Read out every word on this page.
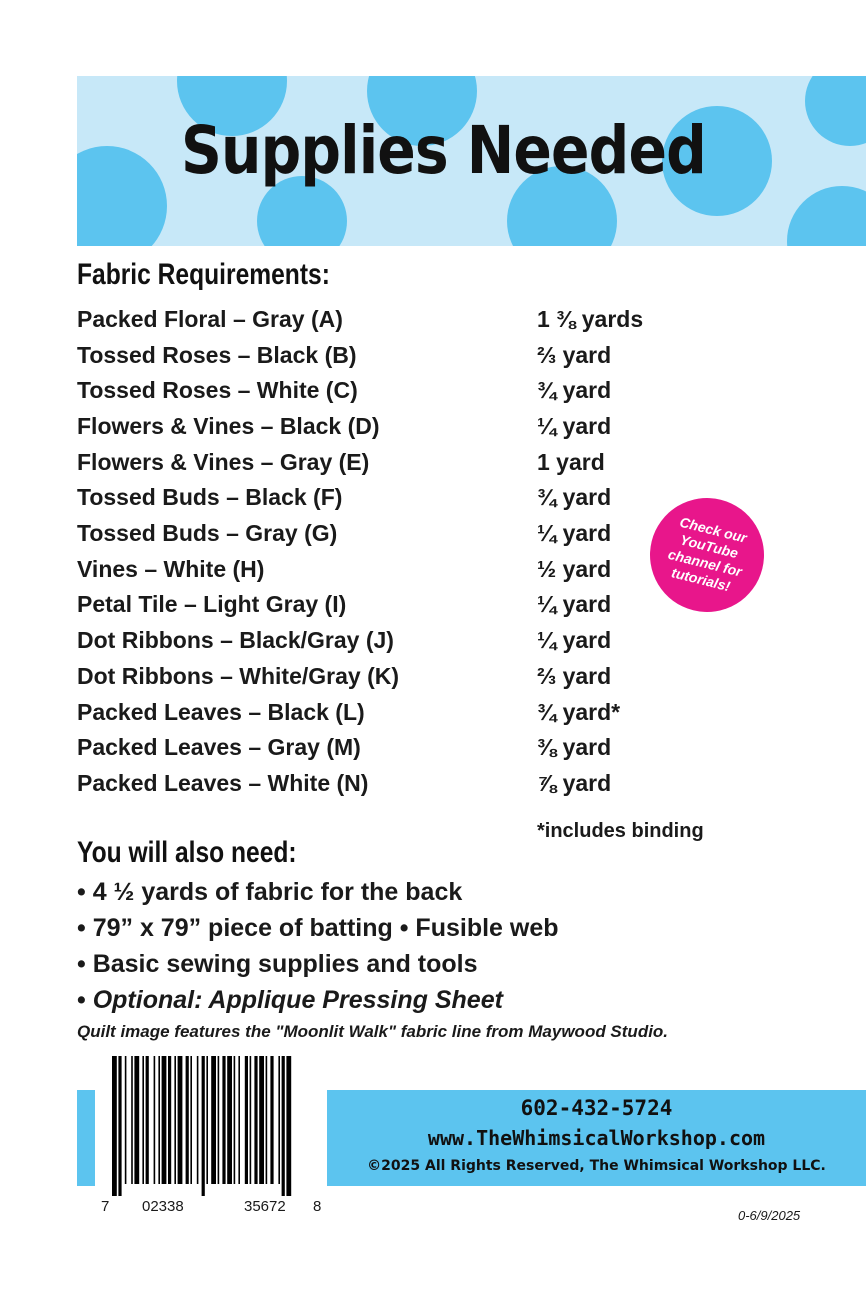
Supplies Needed
Fabric Requirements:
Packed Floral – Gray (A)	1 ⅜ yards
Tossed Roses – Black (B)	⅔ yard
Tossed Roses – White (C)	¾ yard
Flowers & Vines – Black (D)	¼ yard
Flowers & Vines – Gray (E)	1 yard
Tossed Buds – Black (F)	¾ yard
Tossed Buds – Gray (G)	¼ yard
Vines – White (H)	½ yard
Petal Tile – Light Gray (I)	¼ yard
Dot Ribbons – Black/Gray (J)	¼ yard
Dot Ribbons – White/Gray (K)	⅔ yard
Packed Leaves – Black (L)	¾ yard*
Packed Leaves – Gray (M)	⅜ yard
Packed Leaves – White (N)	⅞ yard
*includes binding
Check our YouTube channel for tutorials!
You will also need:
• 4 ½ yards of fabric for the back
• 79” x 79” piece of batting • Fusible web
• Basic sewing supplies and tools
• Optional: Applique Pressing Sheet
Quilt image features the "Moonlit Walk" fabric line from Maywood Studio.
602-432-5724
www.TheWhimsicalWorkshop.com
©2025 All Rights Reserved, The Whimsical Workshop LLC.
7 02338	35672 8
0-6/9/2025
